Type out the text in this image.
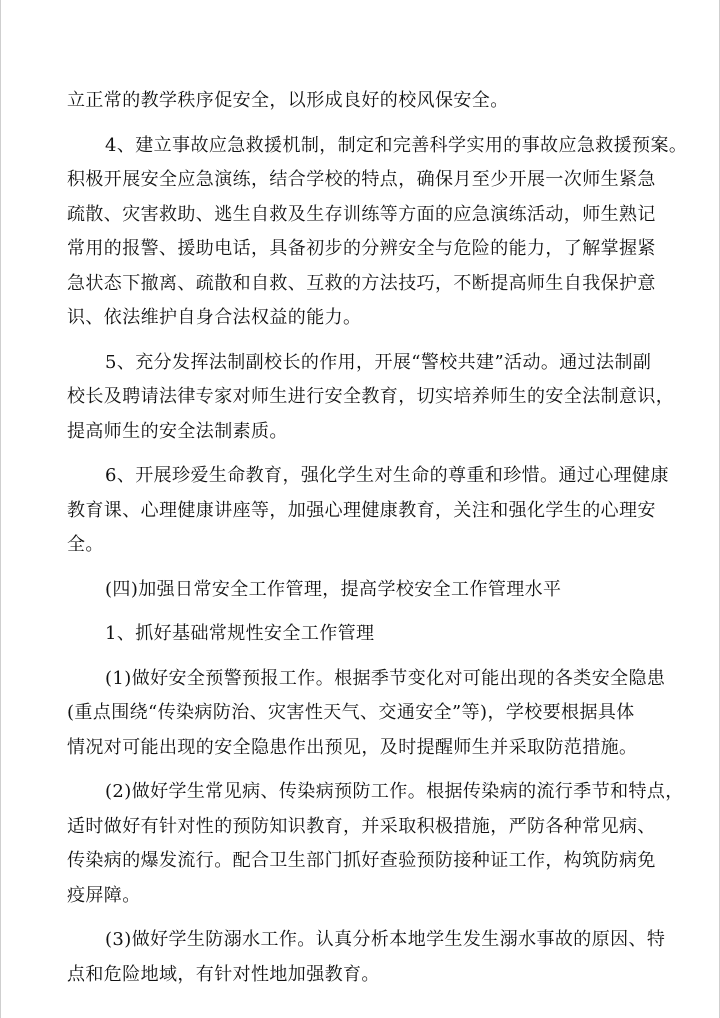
立正常的教学秩序促安全，以形成良好的校风保安全。

4、建立事故应急救援机制，制定和完善科学实用的事故应急救援预案。
积极开展安全应急演练，结合学校的特点，确保月至少开展一次师生紧急
疏散、灾害救助、逃生自救及生存训练等方面的应急演练活动，师生熟记
常用的报警、援助电话，具备初步的分辨安全与危险的能力，了解掌握紧
急状态下撤离、疏散和自救、互救的方法技巧，不断提高师生自我保护意
识、依法维护自身合法权益的能力。

5、充分发挥法制副校长的作用，开展“警校共建”活动。通过法制副
校长及聘请法律专家对师生进行安全教育，切实培养师生的安全法制意识，
提高师生的安全法制素质。

6、开展珍爱生命教育，强化学生对生命的尊重和珍惜。通过心理健康
教育课、心理健康讲座等，加强心理健康教育，关注和强化学生的心理安
全。

(四)加强日常安全工作管理，提高学校安全工作管理水平

1、抓好基础常规性安全工作管理

(1)做好安全预警预报工作。根据季节变化对可能出现的各类安全隐患
(重点围绕“传染病防治、灾害性天气、交通安全”等)，学校要根据具体
情况对可能出现的安全隐患作出预见，及时提醒师生并采取防范措施。

(2)做好学生常见病、传染病预防工作。根据传染病的流行季节和特点，
适时做好有针对性的预防知识教育，并采取积极措施，严防各种常见病、
传染病的爆发流行。配合卫生部门抓好查验预防接种证工作，构筑防病免
疫屏障。

(3)做好学生防溺水工作。认真分析本地学生发生溺水事故的原因、特
点和危险地域，有针对性地加强教育。
